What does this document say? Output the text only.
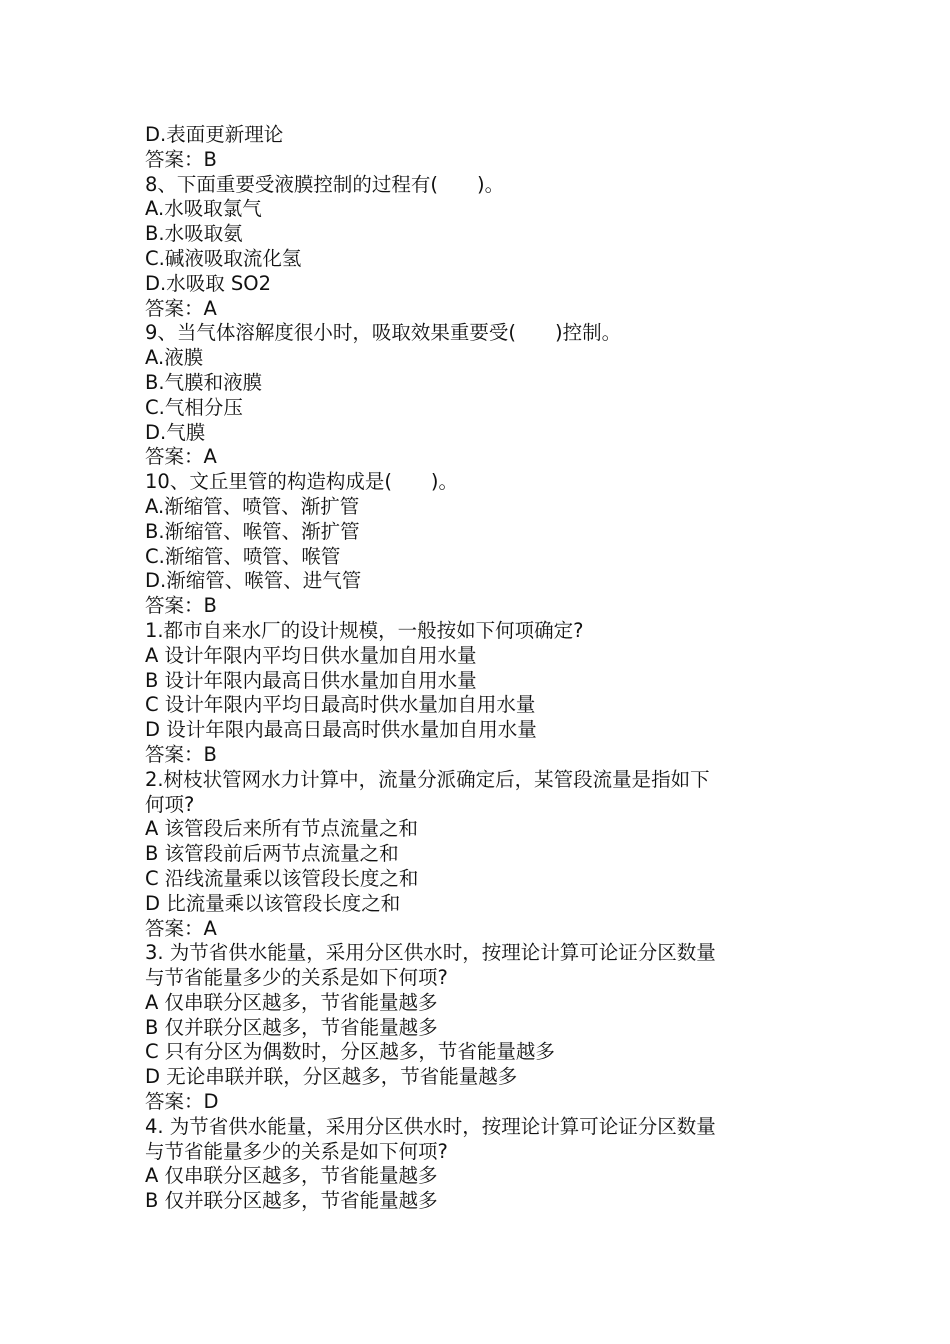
D.表面更新理论

答案：B

8、下面重要受液膜控制的过程有(　　)。

A.水吸取氯气

B.水吸取氨

C.碱液吸取流化氢

D.水吸取 SO2

答案：A

9、当气体溶解度很小时，吸取效果重要受(　　)控制。

A.液膜

B.气膜和液膜

C.气相分压

D.气膜

答案：A

10、文丘里管的构造构成是(　　)。

A.渐缩管、喷管、渐扩管

B.渐缩管、喉管、渐扩管

C.渐缩管、喷管、喉管

D.渐缩管、喉管、进气管

答案：B

1.都市自来水厂的设计规模，一般按如下何项确定?

A 设计年限内平均日供水量加自用水量

B 设计年限内最高日供水量加自用水量

C 设计年限内平均日最高时供水量加自用水量

D 设计年限内最高日最高时供水量加自用水量

答案：B

2.树枝状管网水力计算中，流量分派确定后，某管段流量是指如下

何项?

A 该管段后来所有节点流量之和

B 该管段前后两节点流量之和

C 沿线流量乘以该管段长度之和

D 比流量乘以该管段长度之和

答案：A

3. 为节省供水能量，采用分区供水时，按理论计算可论证分区数量

与节省能量多少的关系是如下何项?

A 仅串联分区越多，节省能量越多

B 仅并联分区越多，节省能量越多

C 只有分区为偶数时，分区越多，节省能量越多

D 无论串联并联，分区越多，节省能量越多

答案：D

4. 为节省供水能量，采用分区供水时，按理论计算可论证分区数量

与节省能量多少的关系是如下何项?

A 仅串联分区越多，节省能量越多

B 仅并联分区越多，节省能量越多
